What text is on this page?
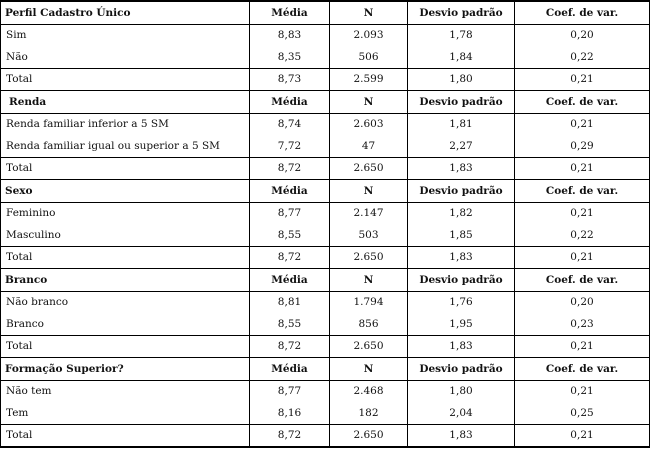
Perfil Cadastro Único	Média	N	Desvio padrão	Coef. de var.
Sim	8,83	2.093	1,78	0,20
Não	8,35	506	1,84	0,22
Total	8,73	2.599	1,80	0,21
Renda	Média	N	Desvio padrão	Coef. de var.
Renda familiar inferior a 5 SM	8,74	2.603	1,81	0,21
Renda familiar igual ou superior a 5 SM	7,72	47	2,27	0,29
Total	8,72	2.650	1,83	0,21
Sexo	Média	N	Desvio padrão	Coef. de var.
Feminino	8,77	2.147	1,82	0,21
Masculino	8,55	503	1,85	0,22
Total	8,72	2.650	1,83	0,21
Branco	Média	N	Desvio padrão	Coef. de var.
Não branco	8,81	1.794	1,76	0,20
Branco	8,55	856	1,95	0,23
Total	8,72	2.650	1,83	0,21
Formação Superior?	Média	N	Desvio padrão	Coef. de var.
Não tem	8,77	2.468	1,80	0,21
Tem	8,16	182	2,04	0,25
Total	8,72	2.650	1,83	0,21
